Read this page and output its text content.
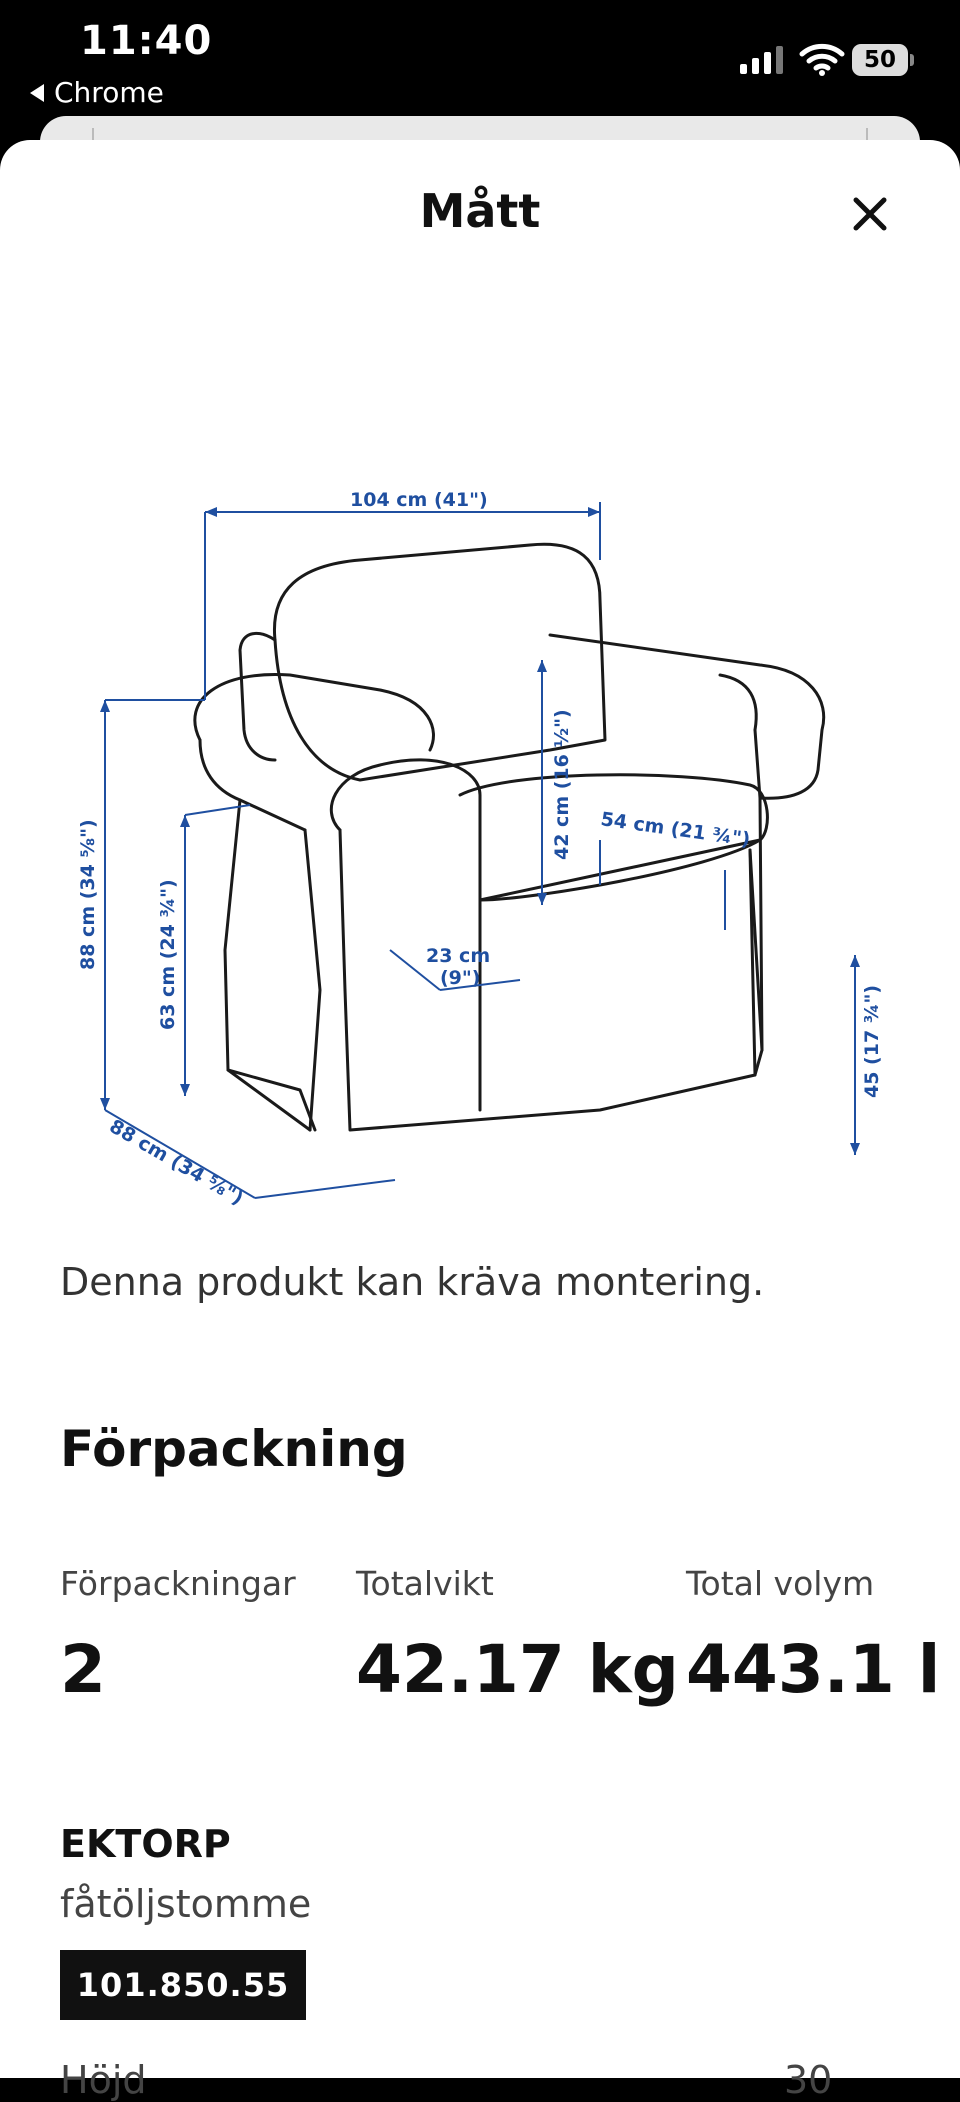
11:40
Chrome
50
Mått
104 cm (41")
88 cm (34 ⅝")	63 cm (24 ¾")
88 cm (34 ⅝")
42 cm (16 ½") 54 cm (21 ¾")
23 cm
(9")
45 (17 ¾")
Denna produkt kan kräva montering.
Förpackning
Förpackningar
2
Totalvikt
42.17 kg
Total volym
443.1 l
EKTORP
fåtöljstomme
101.850.55
Höjd	30
